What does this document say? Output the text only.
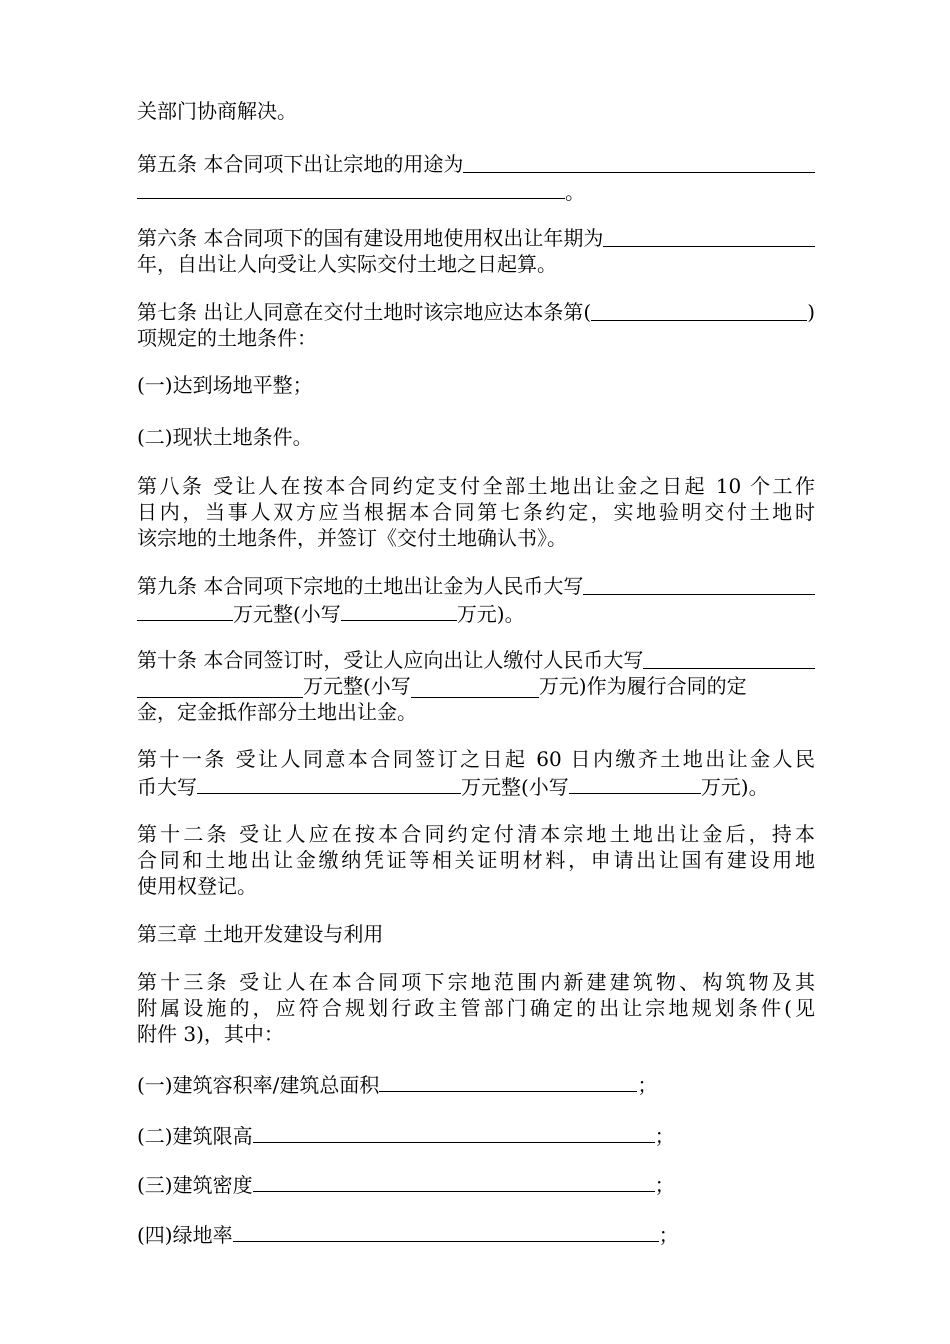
关部门协商解决。
第五条 本合同项下出让宗地的用途为
。
第六条 本合同项下的国有建设用地使用权出让年期为
年，自出让人向受让人实际交付土地之日起算。
第七条 出让人同意在交付土地时该宗地应达本条第(	)
项规定的土地条件：
(一)达到场地平整；
(二)现状土地条件。
第八条 受让人在按本合同约定支付全部土地出让金之日起 10 个工作
日内，当事人双方应当根据本合同第七条约定，实地验明交付土地时
该宗地的土地条件，并签订《交付土地确认书》。
第九条 本合同项下宗地的土地出让金为人民币大写
万元整(小写	万元)。
第十条 本合同签订时，受让人应向出让人缴付人民币大写
万元整(小写	万元)作为履行合同的定
金，定金抵作部分土地出让金。
第十一条 受让人同意本合同签订之日起 60 日内缴齐土地出让金人民
币大写	万元整(小写	万元)。
第十二条 受让人应在按本合同约定付清本宗地土地出让金后，持本
合同和土地出让金缴纳凭证等相关证明材料，申请出让国有建设用地
使用权登记。
第三章 土地开发建设与利用
第十三条 受让人在本合同项下宗地范围内新建建筑物、构筑物及其
附属设施的，应符合规划行政主管部门确定的出让宗地规划条件(见
附件 3)，其中：
(一)建筑容积率/建筑总面积	；
(二)建筑限高	；
(三)建筑密度	；
(四)绿地率	；
